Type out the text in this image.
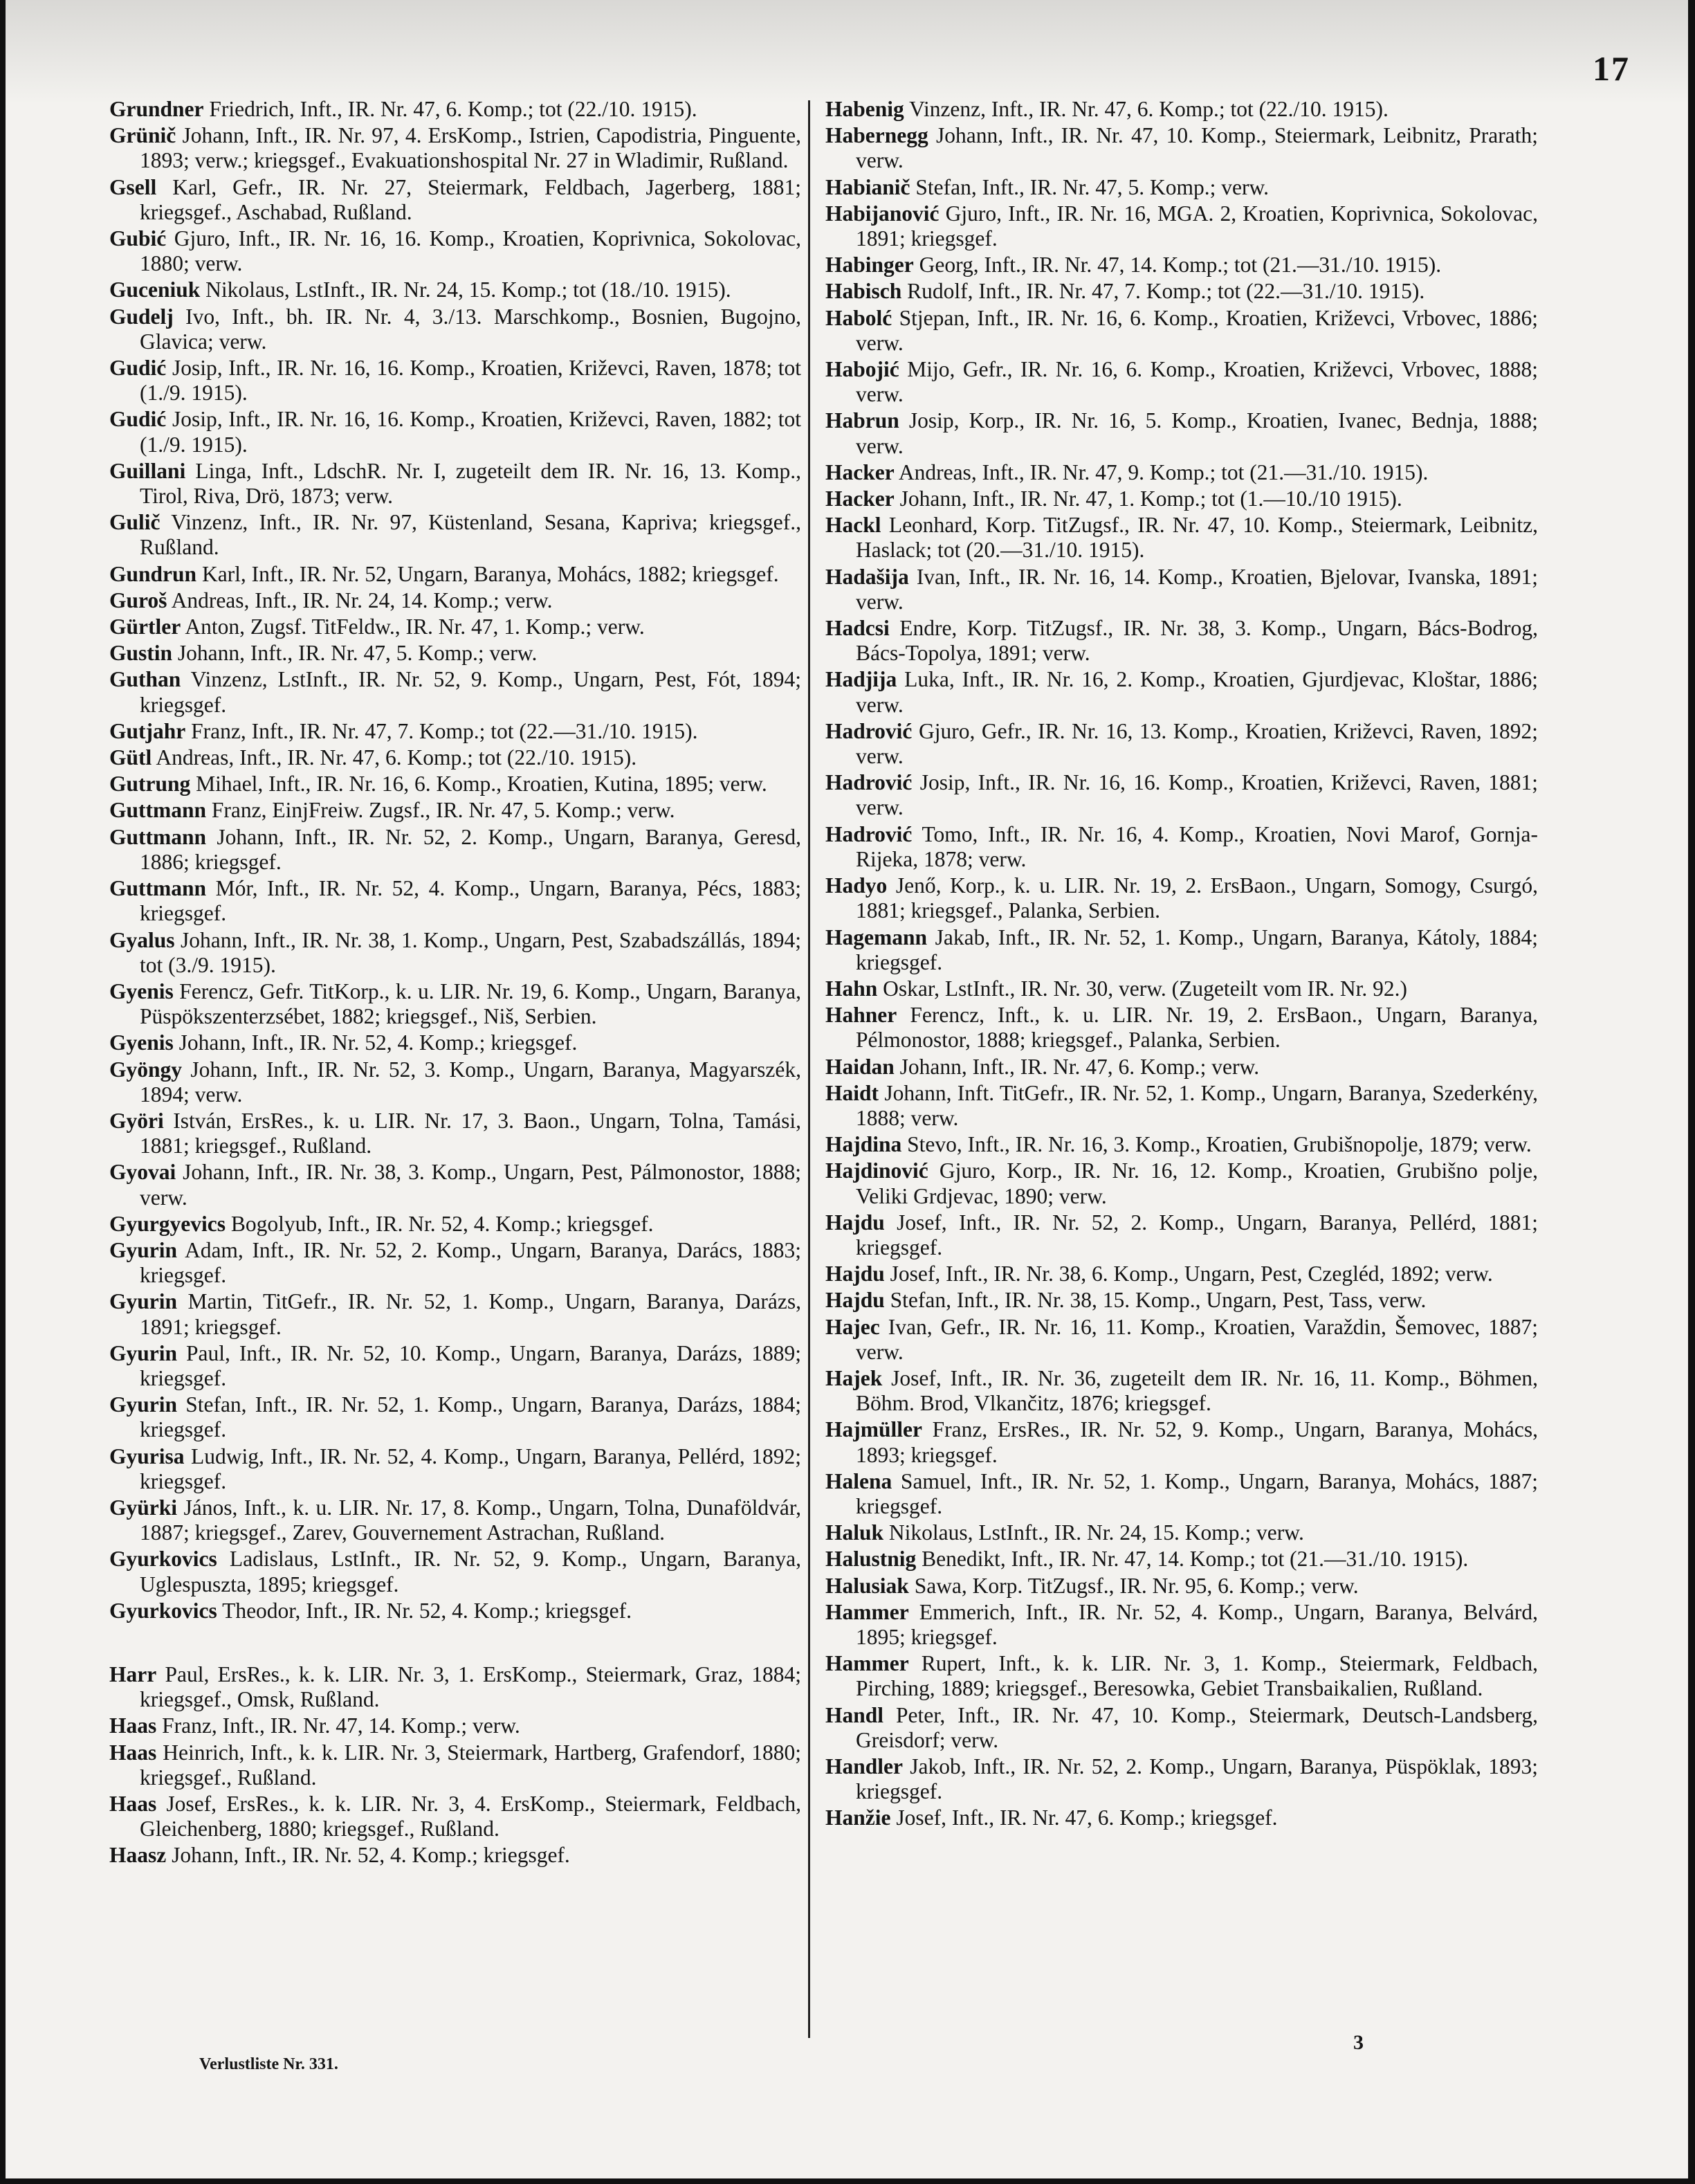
17
Grundner Friedrich, Inft., IR. Nr. 47, 6. Komp.; tot (22./10. 1915).
Grünič Johann, Inft., IR. Nr. 97, 4. ErsKomp., Istrien, Capodistria, Pinguente, 1893; verw.; kriegsgef., Evakuationshospital Nr. 27 in Wladimir, Rußland.
Gsell Karl, Gefr., IR. Nr. 27, Steiermark, Feldbach, Jagerberg, 1881; kriegsgef., Aschabad, Rußland.
Gubić Gjuro, Inft., IR. Nr. 16, 16. Komp., Kroatien, Koprivnica, Sokolovac, 1880; verw.
Guceniuk Nikolaus, LstInft., IR. Nr. 24, 15. Komp.; tot (18./10. 1915).
Gudelj Ivo, Inft., bh. IR. Nr. 4, 3./13. Marschkomp., Bosnien, Bugojno, Glavica; verw.
Gudić Josip, Inft., IR. Nr. 16, 16. Komp., Kroatien, Križevci, Raven, 1878; tot (1./9. 1915).
Gudić Josip, Inft., IR. Nr. 16, 16. Komp., Kroatien, Križevci, Raven, 1882; tot (1./9. 1915).
Guillani Linga, Inft., LdschR. Nr. I, zugeteilt dem IR. Nr. 16, 13. Komp., Tirol, Riva, Drö, 1873; verw.
Gulič Vinzenz, Inft., IR. Nr. 97, Küstenland, Sesana, Kapriva; kriegsgef., Rußland.
Gundrun Karl, Inft., IR. Nr. 52, Ungarn, Baranya, Mohács, 1882; kriegsgef.
Guroš Andreas, Inft., IR. Nr. 24, 14. Komp.; verw.
Gürtler Anton, Zugsf. TitFeldw., IR. Nr. 47, 1. Komp.; verw.
Gustin Johann, Inft., IR. Nr. 47, 5. Komp.; verw.
Guthan Vinzenz, LstInft., IR. Nr. 52, 9. Komp., Ungarn, Pest, Fót, 1894; kriegsgef.
Gutjahr Franz, Inft., IR. Nr. 47, 7. Komp.; tot (22.—31./10. 1915).
Gütl Andreas, Inft., IR. Nr. 47, 6. Komp.; tot (22./10. 1915).
Gutrung Mihael, Inft., IR. Nr. 16, 6. Komp., Kroatien, Kutina, 1895; verw.
Guttmann Franz, EinjFreiw. Zugsf., IR. Nr. 47, 5. Komp.; verw.
Guttmann Johann, Inft., IR. Nr. 52, 2. Komp., Ungarn, Baranya, Geresd, 1886; kriegsgef.
Guttmann Mór, Inft., IR. Nr. 52, 4. Komp., Ungarn, Baranya, Pécs, 1883; kriegsgef.
Gyalus Johann, Inft., IR. Nr. 38, 1. Komp., Ungarn, Pest, Szabadszállás, 1894; tot (3./9. 1915).
Gyenis Ferencz, Gefr. TitKorp., k. u. LIR. Nr. 19, 6. Komp., Ungarn, Baranya, Püspökszenterzsébet, 1882; kriegsgef., Niš, Serbien.
Gyenis Johann, Inft., IR. Nr. 52, 4. Komp.; kriegsgef.
Gyöngy Johann, Inft., IR. Nr. 52, 3. Komp., Ungarn, Baranya, Magyarszék, 1894; verw.
Györi István, ErsRes., k. u. LIR. Nr. 17, 3. Baon., Ungarn, Tolna, Tamási, 1881; kriegsgef., Rußland.
Gyovai Johann, Inft., IR. Nr. 38, 3. Komp., Ungarn, Pest, Pálmonostor, 1888; verw.
Gyurgyevics Bogolyub, Inft., IR. Nr. 52, 4. Komp.; kriegsgef.
Gyurin Adam, Inft., IR. Nr. 52, 2. Komp., Ungarn, Baranya, Darács, 1883; kriegsgef.
Gyurin Martin, TitGefr., IR. Nr. 52, 1. Komp., Ungarn, Baranya, Darázs, 1891; kriegsgef.
Gyurin Paul, Inft., IR. Nr. 52, 10. Komp., Ungarn, Baranya, Darázs, 1889; kriegsgef.
Gyurin Stefan, Inft., IR. Nr. 52, 1. Komp., Ungarn, Baranya, Darázs, 1884; kriegsgef.
Gyurisa Ludwig, Inft., IR. Nr. 52, 4. Komp., Ungarn, Baranya, Pellérd, 1892; kriegsgef.
Gyürki János, Inft., k. u. LIR. Nr. 17, 8. Komp., Ungarn, Tolna, Dunaföldvár, 1887; kriegsgef., Zarev, Gouvernement Astrachan, Rußland.
Gyurkovics Ladislaus, LstInft., IR. Nr. 52, 9. Komp., Ungarn, Baranya, Uglespuszta, 1895; kriegsgef.
Gyurkovics Theodor, Inft., IR. Nr. 52, 4. Komp.; kriegsgef.
Harr Paul, ErsRes., k. k. LIR. Nr. 3, 1. ErsKomp., Steiermark, Graz, 1884; kriegsgef., Omsk, Rußland.
Haas Franz, Inft., IR. Nr. 47, 14. Komp.; verw.
Haas Heinrich, Inft., k. k. LIR. Nr. 3, Steiermark, Hartberg, Grafendorf, 1880; kriegsgef., Rußland.
Haas Josef, ErsRes., k. k. LIR. Nr. 3, 4. ErsKomp., Steiermark, Feldbach, Gleichenberg, 1880; kriegsgef., Rußland.
Haasz Johann, Inft., IR. Nr. 52, 4. Komp.; kriegsgef.
Habenig Vinzenz, Inft., IR. Nr. 47, 6. Komp.; tot (22./10. 1915).
Habernegg Johann, Inft., IR. Nr. 47, 10. Komp., Steiermark, Leibnitz, Prarath; verw.
Habianič Stefan, Inft., IR. Nr. 47, 5. Komp.; verw.
Habijanović Gjuro, Inft., IR. Nr. 16, MGA. 2, Kroatien, Koprivnica, Sokolovac, 1891; kriegsgef.
Habinger Georg, Inft., IR. Nr. 47, 14. Komp.; tot (21.—31./10. 1915).
Habisch Rudolf, Inft., IR. Nr. 47, 7. Komp.; tot (22.—31./10. 1915).
Habolć Stjepan, Inft., IR. Nr. 16, 6. Komp., Kroatien, Križevci, Vrbovec, 1886; verw.
Habojić Mijo, Gefr., IR. Nr. 16, 6. Komp., Kroatien, Križevci, Vrbovec, 1888; verw.
Habrun Josip, Korp., IR. Nr. 16, 5. Komp., Kroatien, Ivanec, Bednja, 1888; verw.
Hacker Andreas, Inft., IR. Nr. 47, 9. Komp.; tot (21.—31./10. 1915).
Hacker Johann, Inft., IR. Nr. 47, 1. Komp.; tot (1.—10./10 1915).
Hackl Leonhard, Korp. TitZugsf., IR. Nr. 47, 10. Komp., Steiermark, Leibnitz, Haslack; tot (20.—31./10. 1915).
Hadašija Ivan, Inft., IR. Nr. 16, 14. Komp., Kroatien, Bjelovar, Ivanska, 1891; verw.
Hadcsi Endre, Korp. TitZugsf., IR. Nr. 38, 3. Komp., Ungarn, Bács-Bodrog, Bács-Topolya, 1891; verw.
Hadjija Luka, Inft., IR. Nr. 16, 2. Komp., Kroatien, Gjurdjevac, Kloštar, 1886; verw.
Hadrović Gjuro, Gefr., IR. Nr. 16, 13. Komp., Kroatien, Križevci, Raven, 1892; verw.
Hadrović Josip, Inft., IR. Nr. 16, 16. Komp., Kroatien, Križevci, Raven, 1881; verw.
Hadrović Tomo, Inft., IR. Nr. 16, 4. Komp., Kroatien, Novi Marof, Gornja-Rijeka, 1878; verw.
Hadyo Jenő, Korp., k. u. LIR. Nr. 19, 2. ErsBaon., Ungarn, Somogy, Csurgó, 1881; kriegsgef., Palanka, Serbien.
Hagemann Jakab, Inft., IR. Nr. 52, 1. Komp., Ungarn, Baranya, Kátoly, 1884; kriegsgef.
Hahn Oskar, LstInft., IR. Nr. 30, verw. (Zugeteilt vom IR. Nr. 92.)
Hahner Ferencz, Inft., k. u. LIR. Nr. 19, 2. ErsBaon., Ungarn, Baranya, Pélmonostor, 1888; kriegsgef., Palanka, Serbien.
Haidan Johann, Inft., IR. Nr. 47, 6. Komp.; verw.
Haidt Johann, Inft. TitGefr., IR. Nr. 52, 1. Komp., Ungarn, Baranya, Szederkény, 1888; verw.
Hajdina Stevo, Inft., IR. Nr. 16, 3. Komp., Kroatien, Grubišnopolje, 1879; verw.
Hajdinović Gjuro, Korp., IR. Nr. 16, 12. Komp., Kroatien, Grubišno polje, Veliki Grdjevac, 1890; verw.
Hajdu Josef, Inft., IR. Nr. 52, 2. Komp., Ungarn, Baranya, Pellérd, 1881; kriegsgef.
Hajdu Josef, Inft., IR. Nr. 38, 6. Komp., Ungarn, Pest, Czegléd, 1892; verw.
Hajdu Stefan, Inft., IR. Nr. 38, 15. Komp., Ungarn, Pest, Tass, verw.
Hajec Ivan, Gefr., IR. Nr. 16, 11. Komp., Kroatien, Varaždin, Šemovec, 1887; verw.
Hajek Josef, Inft., IR. Nr. 36, zugeteilt dem IR. Nr. 16, 11. Komp., Böhmen, Böhm. Brod, Vlkančitz, 1876; kriegsgef.
Hajmüller Franz, ErsRes., IR. Nr. 52, 9. Komp., Ungarn, Baranya, Mohács, 1893; kriegsgef.
Halena Samuel, Inft., IR. Nr. 52, 1. Komp., Ungarn, Baranya, Mohács, 1887; kriegsgef.
Haluk Nikolaus, LstInft., IR. Nr. 24, 15. Komp.; verw.
Halustnig Benedikt, Inft., IR. Nr. 47, 14. Komp.; tot (21.—31./10. 1915).
Halusiak Sawa, Korp. TitZugsf., IR. Nr. 95, 6. Komp.; verw.
Hammer Emmerich, Inft., IR. Nr. 52, 4. Komp., Ungarn, Baranya, Belvárd, 1895; kriegsgef.
Hammer Rupert, Inft., k. k. LIR. Nr. 3, 1. Komp., Steiermark, Feldbach, Pirching, 1889; kriegsgef., Beresowka, Gebiet Transbaikalien, Rußland.
Handl Peter, Inft., IR. Nr. 47, 10. Komp., Steiermark, Deutsch-Landsberg, Greisdorf; verw.
Handler Jakob, Inft., IR. Nr. 52, 2. Komp., Ungarn, Baranya, Püspöklak, 1893; kriegsgef.
Hanžie Josef, Inft., IR. Nr. 47, 6. Komp.; kriegsgef.
Verlustliste Nr. 331.
3
